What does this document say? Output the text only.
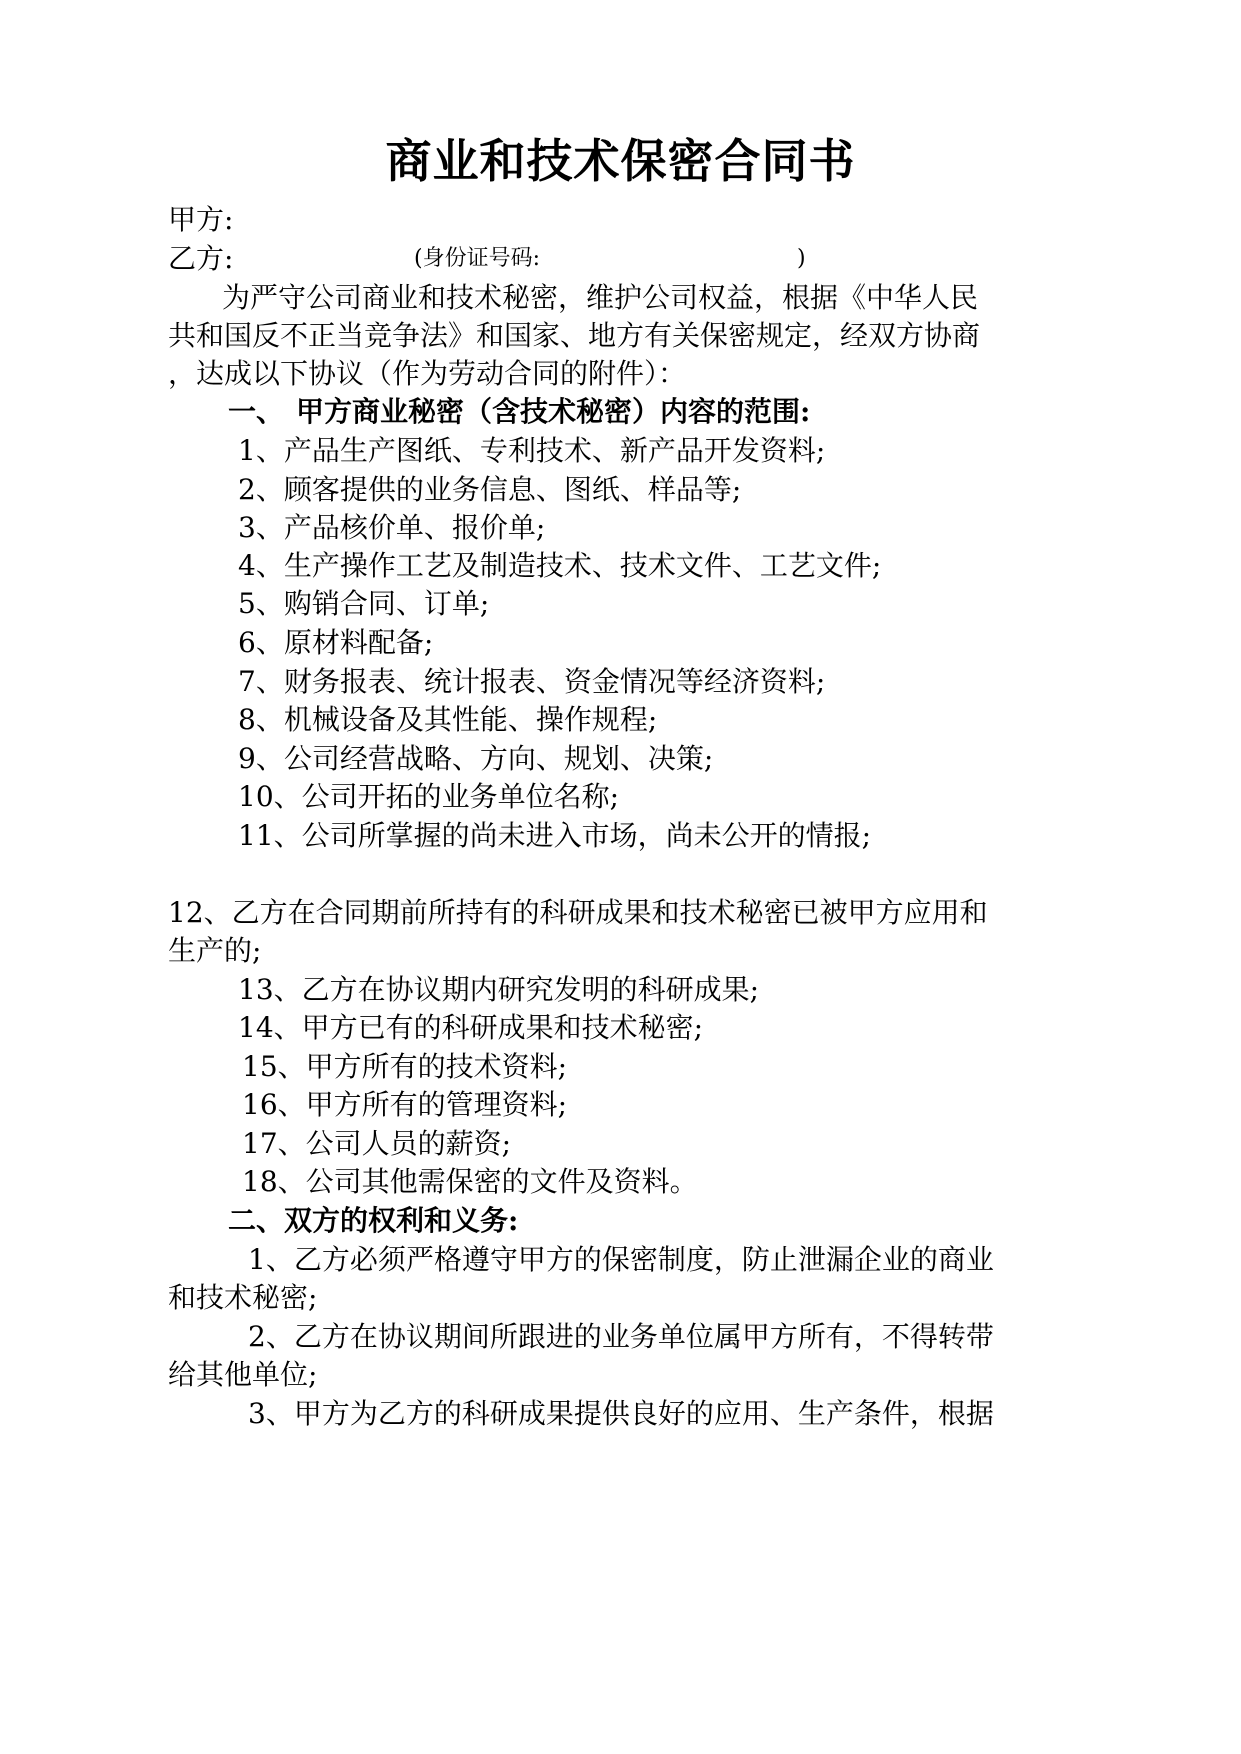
商业和技术保密合同书
甲方:
乙方:	(身份证号码:	)
为严守公司商业和技术秘密，维护公司权益，根据《中华人民
共和国反不正当竞争法》和国家、地方有关保密规定，经双方协商
，达成以下协议（作为劳动合同的附件）：
一、 甲方商业秘密（含技术秘密）内容的范围:
1、产品生产图纸、专利技术、新产品开发资料;
2、顾客提供的业务信息、图纸、样品等;
3、产品核价单、报价单;
4、生产操作工艺及制造技术、技术文件、工艺文件;
5、购销合同、订单;
6、原材料配备;
7、财务报表、统计报表、资金情况等经济资料;
8、机械设备及其性能、操作规程;
9、公司经营战略、方向、规划、决策;
10、公司开拓的业务单位名称;
11、公司所掌握的尚未进入市场，尚未公开的情报;
12、乙方在合同期前所持有的科研成果和技术秘密已被甲方应用和
生产的;
13、乙方在协议期内研究发明的科研成果;
14、甲方已有的科研成果和技术秘密;
15、甲方所有的技术资料;
16、甲方所有的管理资料;
17、公司人员的薪资;
18、公司其他需保密的文件及资料。
二、双方的权利和义务:
1、乙方必须严格遵守甲方的保密制度，防止泄漏企业的商业
和技术秘密;
2、乙方在协议期间所跟进的业务单位属甲方所有，不得转带
给其他单位;
3、甲方为乙方的科研成果提供良好的应用、生产条件，根据
